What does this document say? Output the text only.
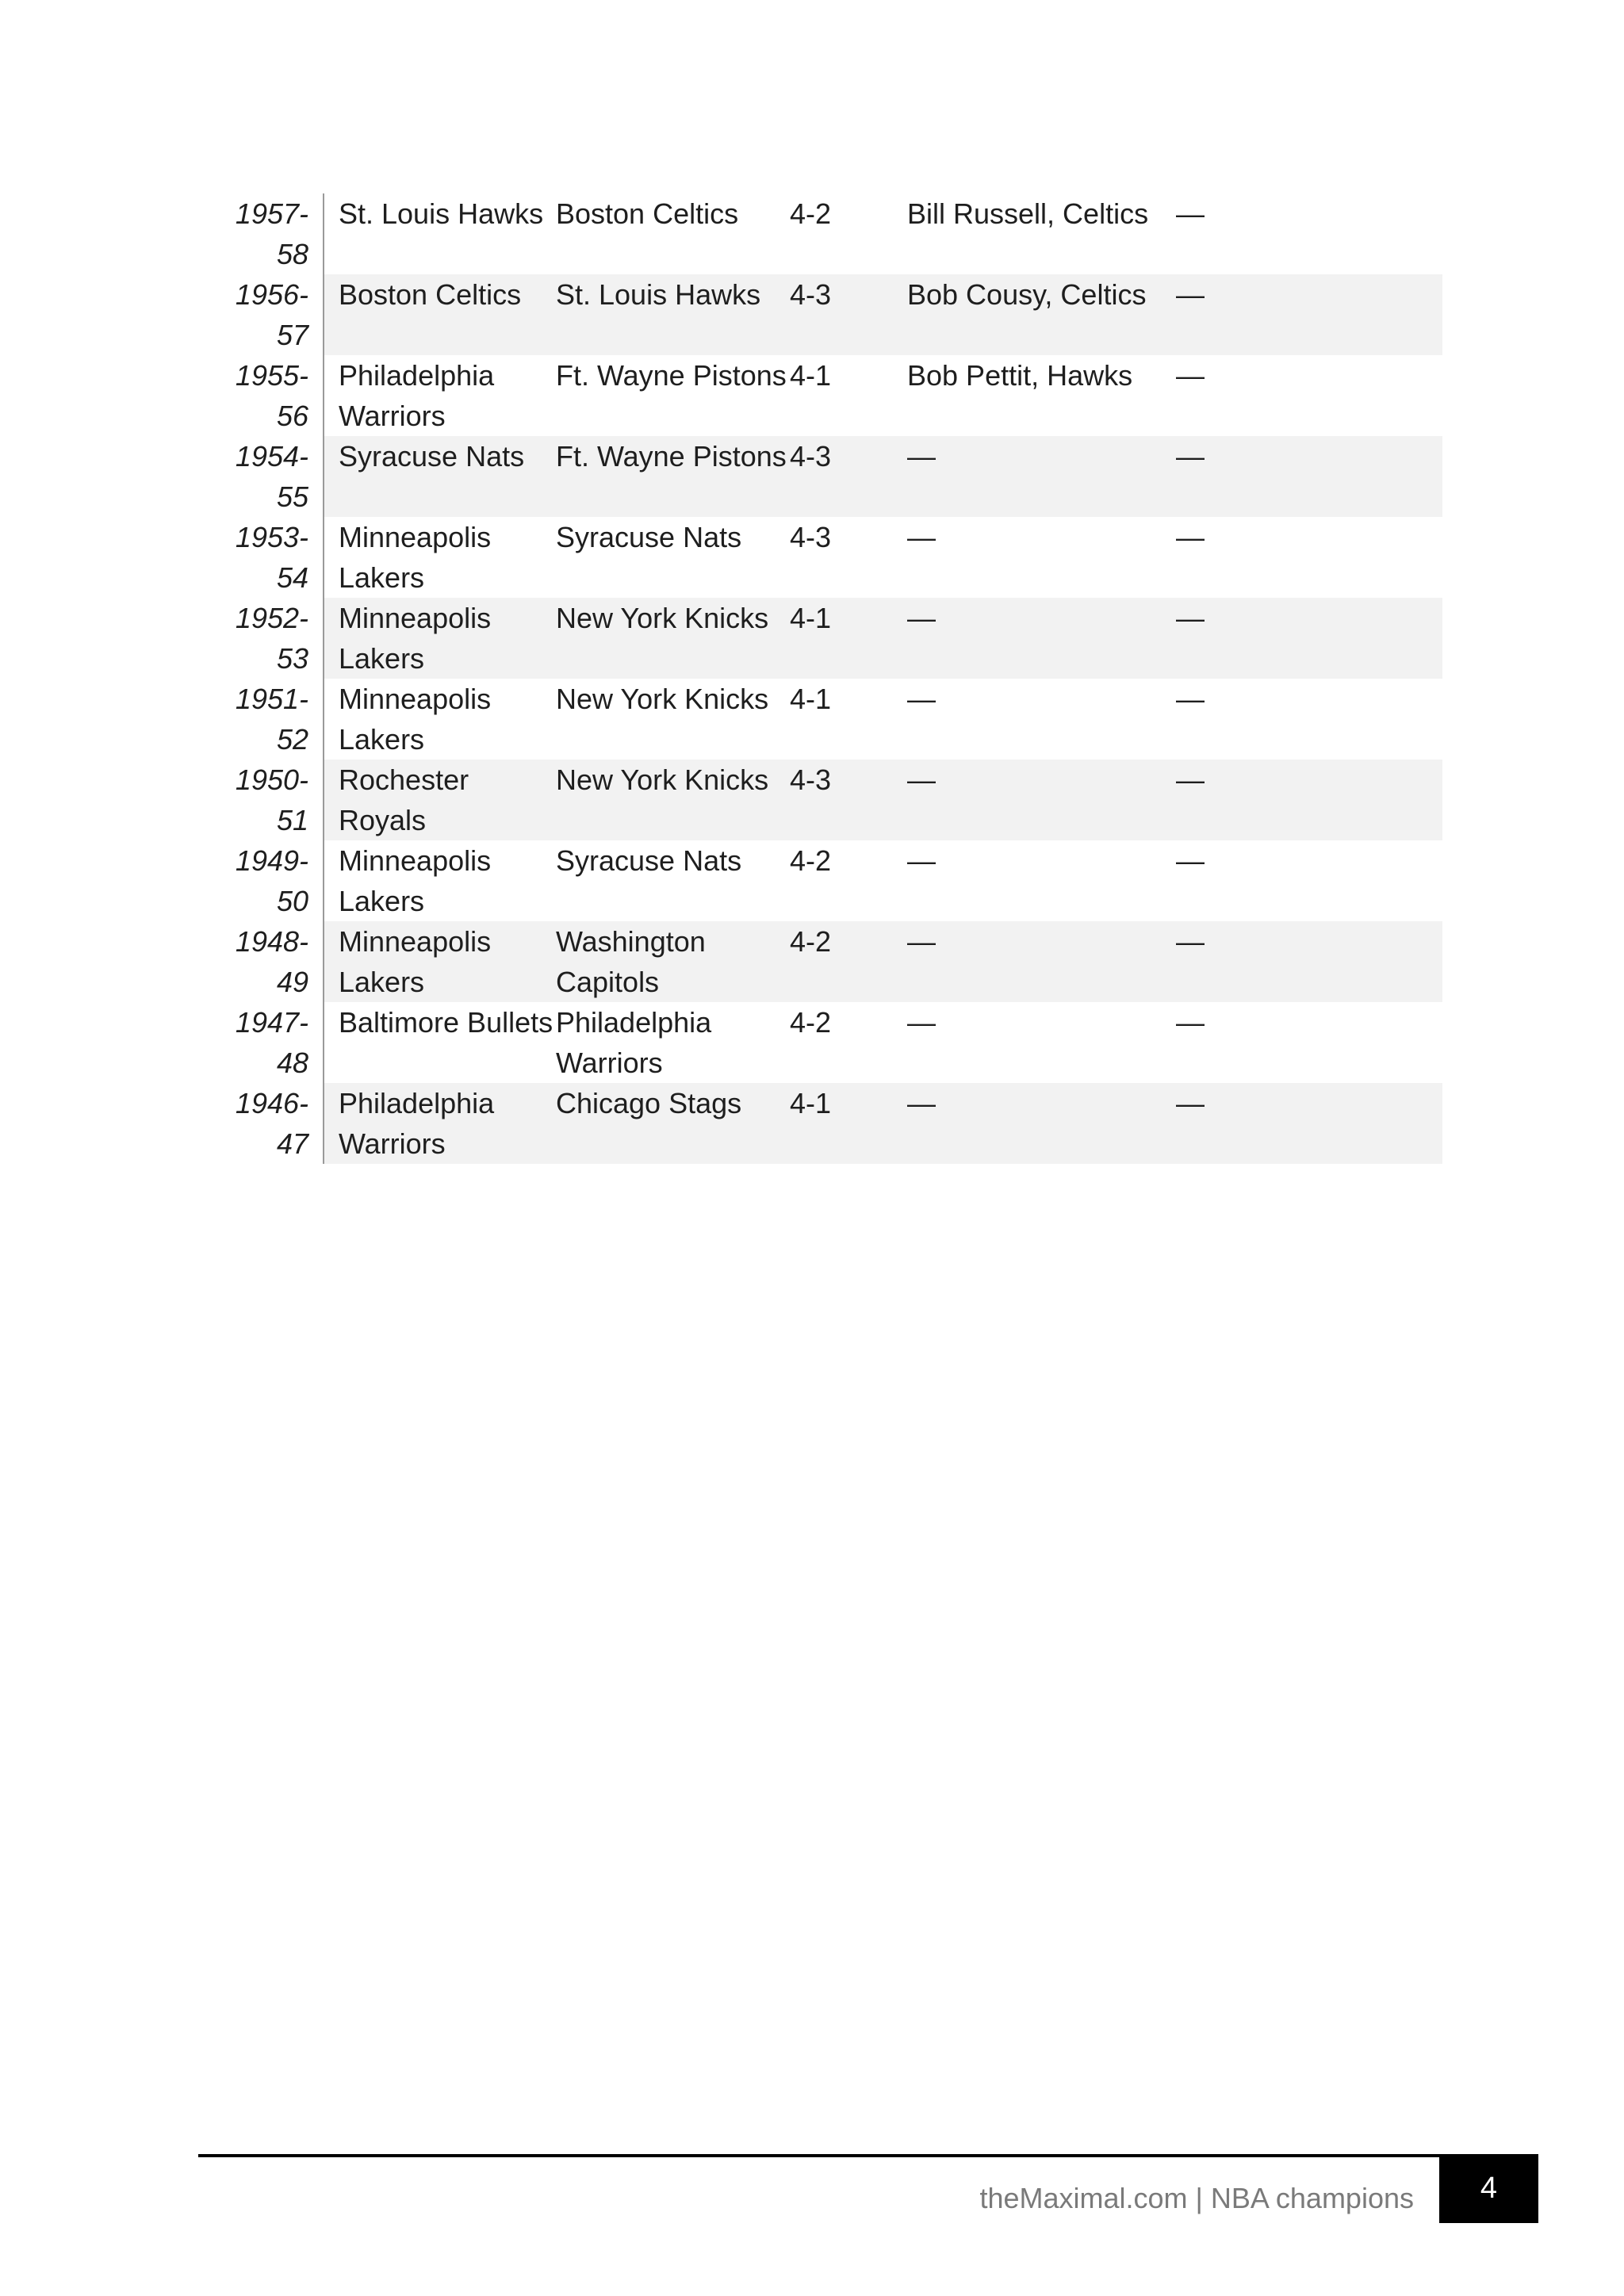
1957-
58	St. Louis Hawks	Boston Celtics	4-2	Bill Russell, Celtics	—

1956-
57	Boston Celtics	St. Louis Hawks	4-3	Bob Cousy, Celtics	—

1955-
56	Philadelphia Warriors	Ft. Wayne Pistons	4-1	Bob Pettit, Hawks	—

1954-
55	Syracuse Nats	Ft. Wayne Pistons	4-3	—	—

1953-
54	Minneapolis Lakers	Syracuse Nats	4-3	—	—

1952-
53	Minneapolis Lakers	New York Knicks	4-1	—	—

1951-
52	Minneapolis Lakers	New York Knicks	4-1	—	—

1950-
51	Rochester Royals	New York Knicks	4-3	—	—

1949-
50	Minneapolis Lakers	Syracuse Nats	4-2	—	—

1948-
49	Minneapolis Lakers	Washington Capitols	4-2	—	—

1947-
48	Baltimore Bullets	Philadelphia Warriors	4-2	—	—

1946-
47	Philadelphia Warriors	Chicago Stags	4-1	—	—
theMaximal.com | NBA champions 4
